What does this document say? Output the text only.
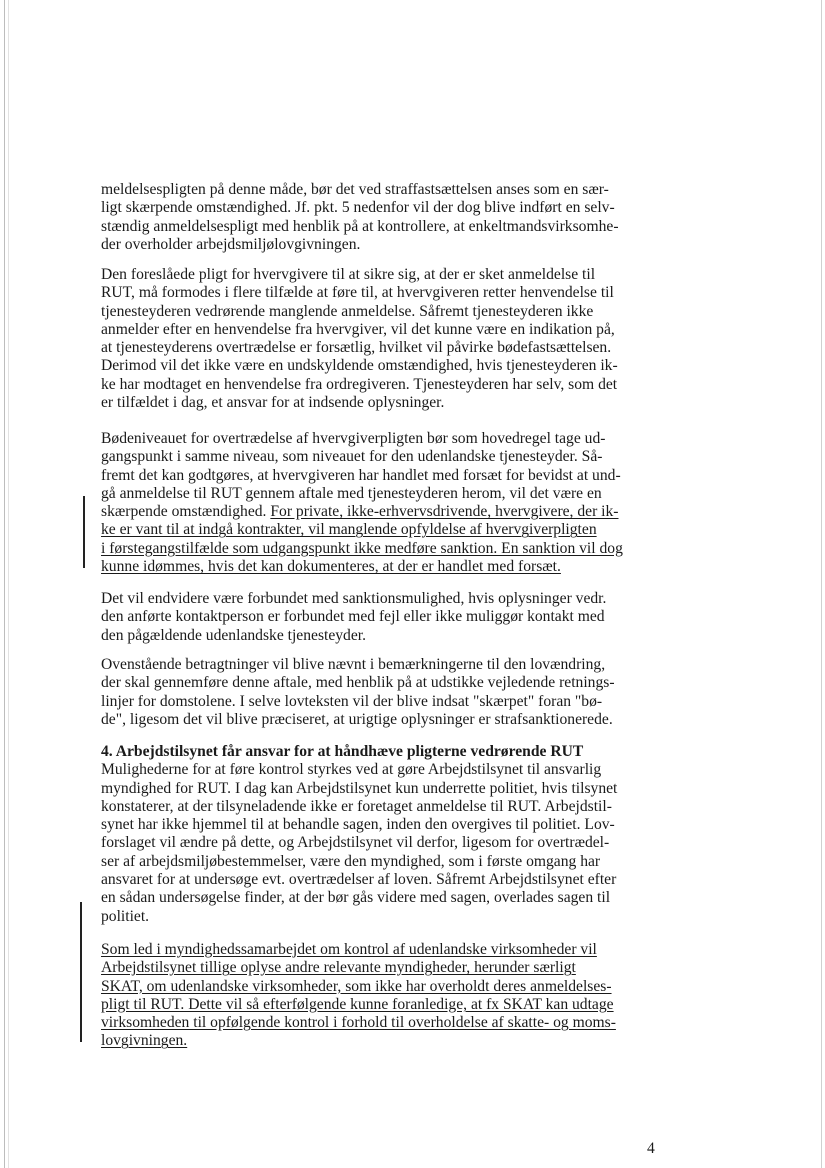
meldelsespligten på denne måde, bør det ved straffastsættelsen anses som en sær-
ligt skærpende omstændighed. Jf. pkt. 5 nedenfor vil der dog blive indført en selv-
stændig anmeldelsespligt med henblik på at kontrollere, at enkeltmandsvirksomhe-
der overholder arbejdsmiljølovgivningen.

Den foreslåede pligt for hvervgivere til at sikre sig, at der er sket anmeldelse til
RUT, må formodes i flere tilfælde at føre til, at hvervgiveren retter henvendelse til
tjenesteyderen vedrørende manglende anmeldelse. Såfremt tjenesteyderen ikke
anmelder efter en henvendelse fra hvervgiver, vil det kunne være en indikation på,
at tjenesteyderens overtrædelse er forsætlig, hvilket vil påvirke bødefastsættelsen.
Derimod vil det ikke være en undskyldende omstændighed, hvis tjenesteyderen ik-
ke har modtaget en henvendelse fra ordregiveren. Tjenesteyderen har selv, som det
er tilfældet i dag, et ansvar for at indsende oplysninger.

Bødeniveauet for overtrædelse af hvervgiverpligten bør som hovedregel tage ud-
gangspunkt i samme niveau, som niveauet for den udenlandske tjenesteyder. Så-
fremt det kan godtgøres, at hvervgiveren har handlet med forsæt for bevidst at und-
gå anmeldelse til RUT gennem aftale med tjenesteyderen herom, vil det være en
skærpende omstændighed. For private, ikke-erhvervsdrivende, hvervgivere, der ik-
ke er vant til at indgå kontrakter, vil manglende opfyldelse af hvervgiverpligten
i førstegangstilfælde som udgangspunkt ikke medføre sanktion. En sanktion vil dog
kunne idømmes, hvis det kan dokumenteres, at der er handlet med forsæt.

Det vil endvidere være forbundet med sanktionsmulighed, hvis oplysninger vedr.
den anførte kontaktperson er forbundet med fejl eller ikke muliggør kontakt med
den pågældende udenlandske tjenesteyder.

Ovenstående betragtninger vil blive nævnt i bemærkningerne til den lovændring,
der skal gennemføre denne aftale, med henblik på at udstikke vejledende retnings-
linjer for domstolene. I selve lovteksten vil der blive indsat "skærpet" foran "bø-
de", ligesom det vil blive præciseret, at urigtige oplysninger er strafsanktionerede.

4. Arbejdstilsynet får ansvar for at håndhæve pligterne vedrørende RUT
Mulighederne for at føre kontrol styrkes ved at gøre Arbejdstilsynet til ansvarlig
myndighed for RUT. I dag kan Arbejdstilsynet kun underrette politiet, hvis tilsynet
konstaterer, at der tilsyneladende ikke er foretaget anmeldelse til RUT. Arbejdstil-
synet har ikke hjemmel til at behandle sagen, inden den overgives til politiet. Lov-
forslaget vil ændre på dette, og Arbejdstilsynet vil derfor, ligesom for overtrædel-
ser af arbejdsmiljøbestemmelser, være den myndighed, som i første omgang har
ansvaret for at undersøge evt. overtrædelser af loven. Såfremt Arbejdstilsynet efter
en sådan undersøgelse finder, at der bør gås videre med sagen, overlades sagen til
politiet.

Som led i myndighedssamarbejdet om kontrol af udenlandske virksomheder vil
Arbejdstilsynet tillige oplyse andre relevante myndigheder, herunder særligt
SKAT, om udenlandske virksomheder, som ikke har overholdt deres anmeldelses-
pligt til RUT. Dette vil så efterfølgende kunne foranledige, at fx SKAT kan udtage
virksomheden til opfølgende kontrol i forhold til overholdelse af skatte- og moms-
lovgivningen.

4
